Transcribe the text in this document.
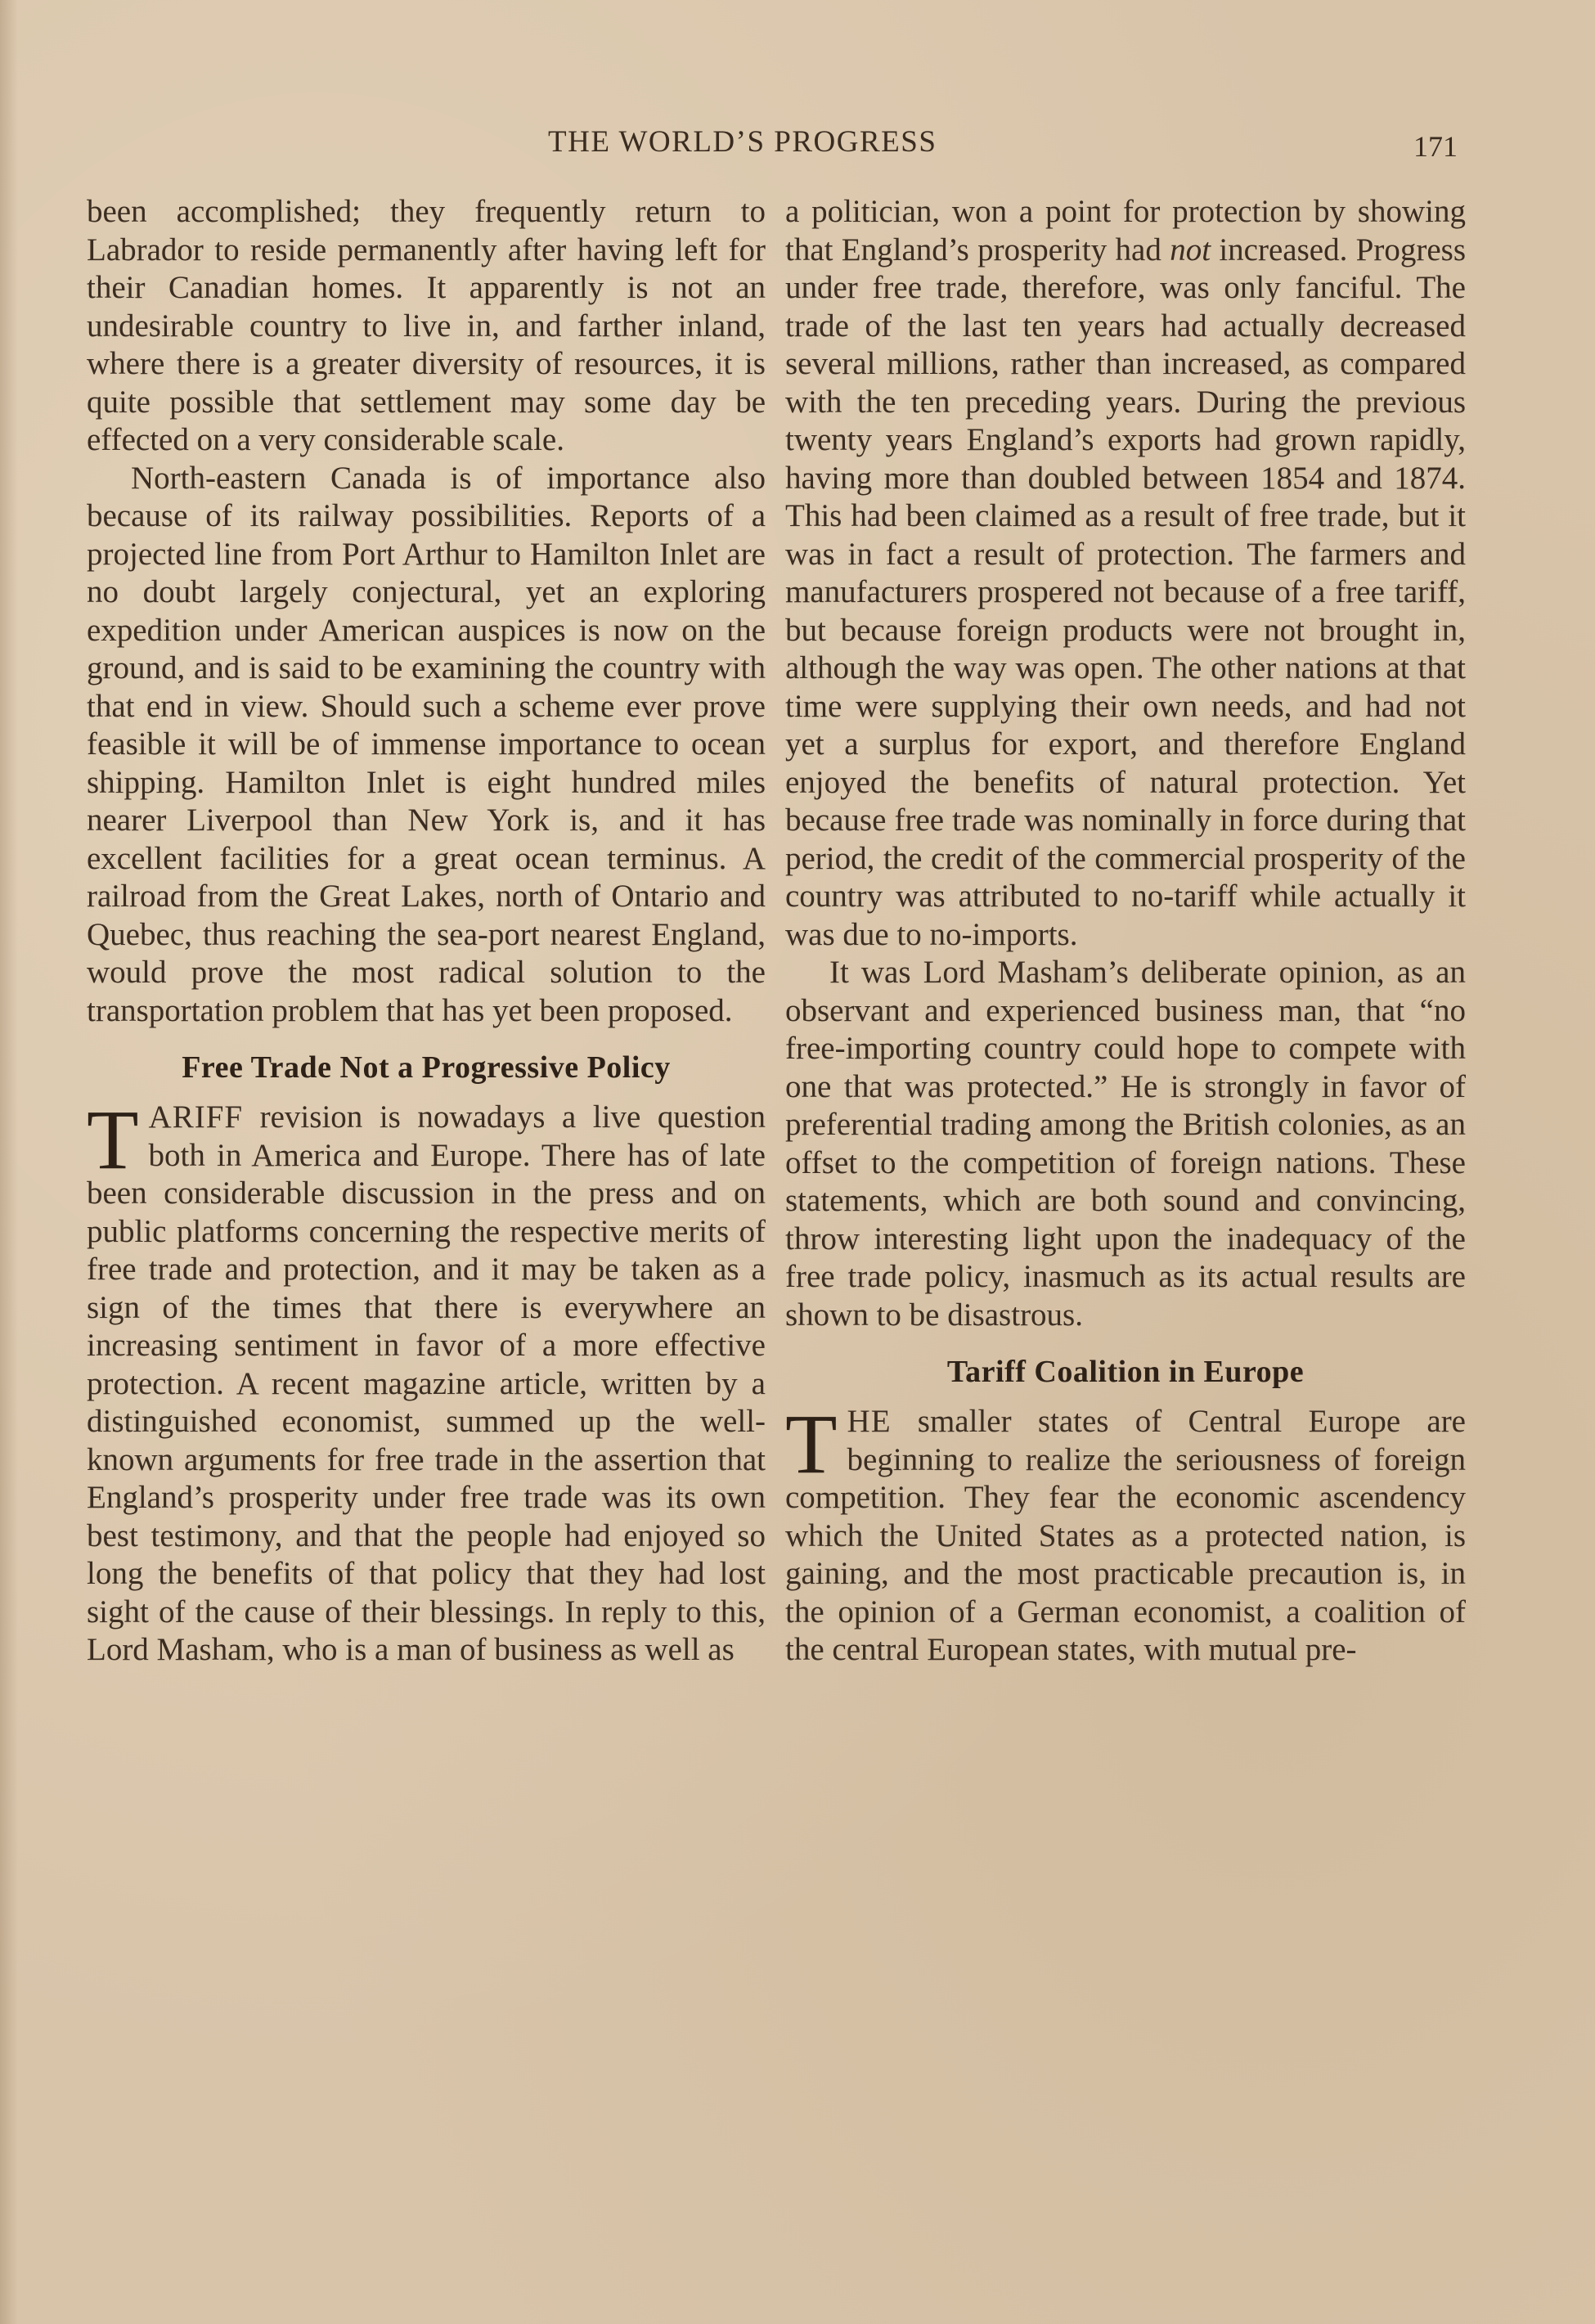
THE WORLD’S PROGRESS	171

been accomplished; they frequently return to Labrador to reside permanently after having left for their Canadian homes. It apparently is not an undesirable country to live in, and farther inland, where there is a greater diversity of resources, it is quite possible that settlement may some day be effected on a very considerable scale.

North-eastern Canada is of importance also because of its railway possibilities. Reports of a projected line from Port Arthur to Hamilton Inlet are no doubt largely conjectural, yet an exploring expedition under American auspices is now on the ground, and is said to be examining the country with that end in view. Should such a scheme ever prove feasible it will be of immense importance to ocean shipping. Hamilton Inlet is eight hundred miles nearer Liverpool than New York is, and it has excellent facilities for a great ocean terminus. A railroad from the Great Lakes, north of Ontario and Quebec, thus reaching the sea-port nearest England, would prove the most radical solution to the transportation problem that has yet been proposed.

Free Trade Not a Progressive Policy

TARIFF revision is nowadays a live question both in America and Europe. There has of late been considerable discussion in the press and on public platforms concerning the respective merits of free trade and protection, and it may be taken as a sign of the times that there is everywhere an increasing sentiment in favor of a more effective protection. A recent magazine article, written by a distinguished economist, summed up the well-known arguments for free trade in the assertion that England’s prosperity under free trade was its own best testimony, and that the people had enjoyed so long the benefits of that policy that they had lost sight of the cause of their blessings. In reply to this, Lord Masham, who is a man of business as well as

a politician, won a point for protection by showing that England’s prosperity had not increased. Progress under free trade, therefore, was only fanciful. The trade of the last ten years had actually decreased several millions, rather than increased, as compared with the ten preceding years. During the previous twenty years England’s exports had grown rapidly, having more than doubled between 1854 and 1874. This had been claimed as a result of free trade, but it was in fact a result of protection. The farmers and manufacturers prospered not because of a free tariff, but because foreign products were not brought in, although the way was open. The other nations at that time were supplying their own needs, and had not yet a surplus for export, and therefore England enjoyed the benefits of natural protection. Yet because free trade was nominally in force during that period, the credit of the commercial prosperity of the country was attributed to no-tariff while actually it was due to no-imports.

It was Lord Masham’s deliberate opinion, as an observant and experienced business man, that “no free-importing country could hope to compete with one that was protected.” He is strongly in favor of preferential trading among the British colonies, as an offset to the competition of foreign nations. These statements, which are both sound and convincing, throw interesting light upon the inadequacy of the free trade policy, inasmuch as its actual results are shown to be disastrous.

Tariff Coalition in Europe

THE smaller states of Central Europe are beginning to realize the seriousness of foreign competition. They fear the economic ascendency which the United States as a protected nation, is gaining, and the most practicable precaution is, in the opinion of a German economist, a coalition of the central European states, with mutual pre-
